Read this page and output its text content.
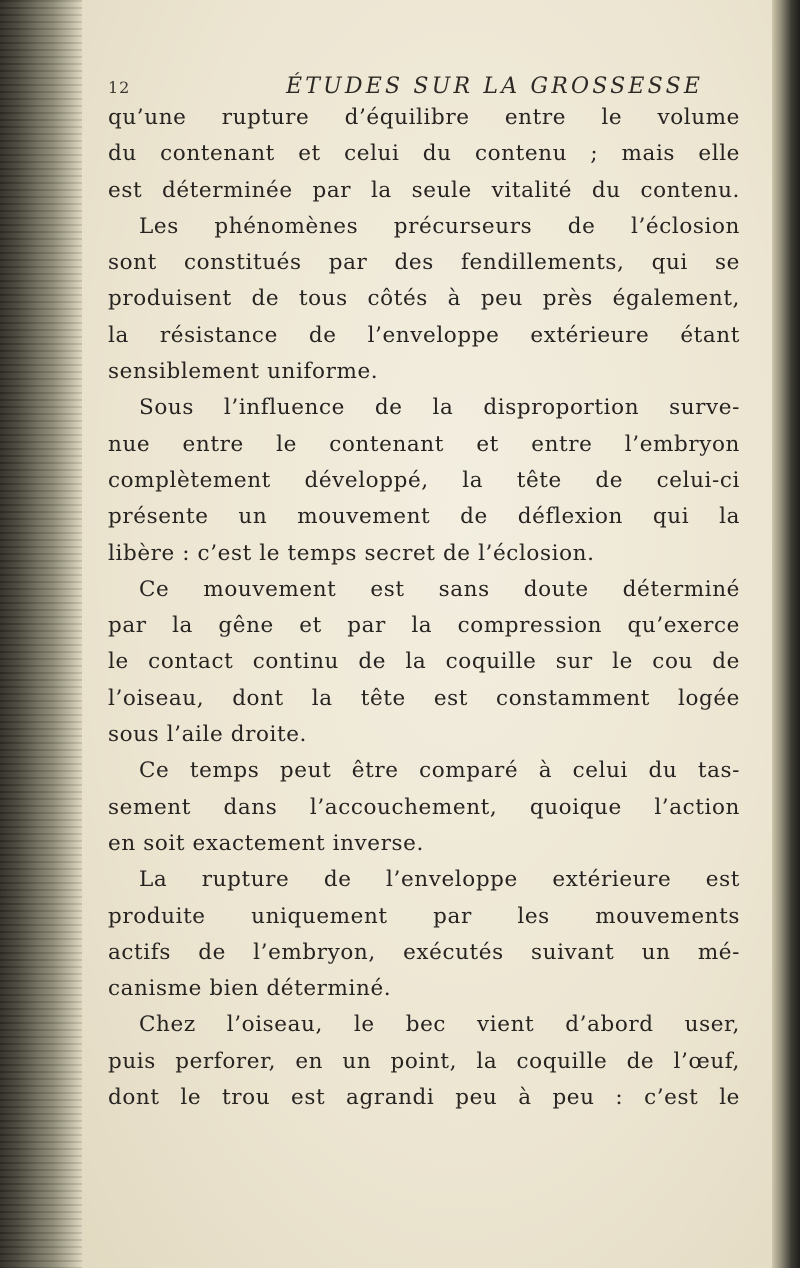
12	ÉTUDES SUR LA GROSSESSE
qu’une rupture d’équilibre entre le volume
du contenant et celui du contenu ; mais elle
est déterminée par la seule vitalité du contenu.
Les phénomènes précurseurs de l’éclosion
sont constitués par des fendillements, qui se
produisent de tous côtés à peu près également,
la résistance de l’enveloppe extérieure étant
sensiblement uniforme.
Sous l’influence de la disproportion surve-
nue entre le contenant et entre l’embryon
complètement développé, la tête de celui-ci
présente un mouvement de déflexion qui la
libère : c’est le temps secret de l’éclosion.
Ce mouvement est sans doute déterminé
par la gêne et par la compression qu’exerce
le contact continu de la coquille sur le cou de
l’oiseau, dont la tête est constamment logée
sous l’aile droite.
Ce temps peut être comparé à celui du tas-
sement dans l’accouchement, quoique l’action
en soit exactement inverse.
La rupture de l’enveloppe extérieure est
produite uniquement par les mouvements
actifs de l’embryon, exécutés suivant un mé-
canisme bien déterminé.
Chez l’oiseau, le bec vient d’abord user,
puis perforer, en un point, la coquille de l’œuf,
dont le trou est agrandi peu à peu : c’est le
